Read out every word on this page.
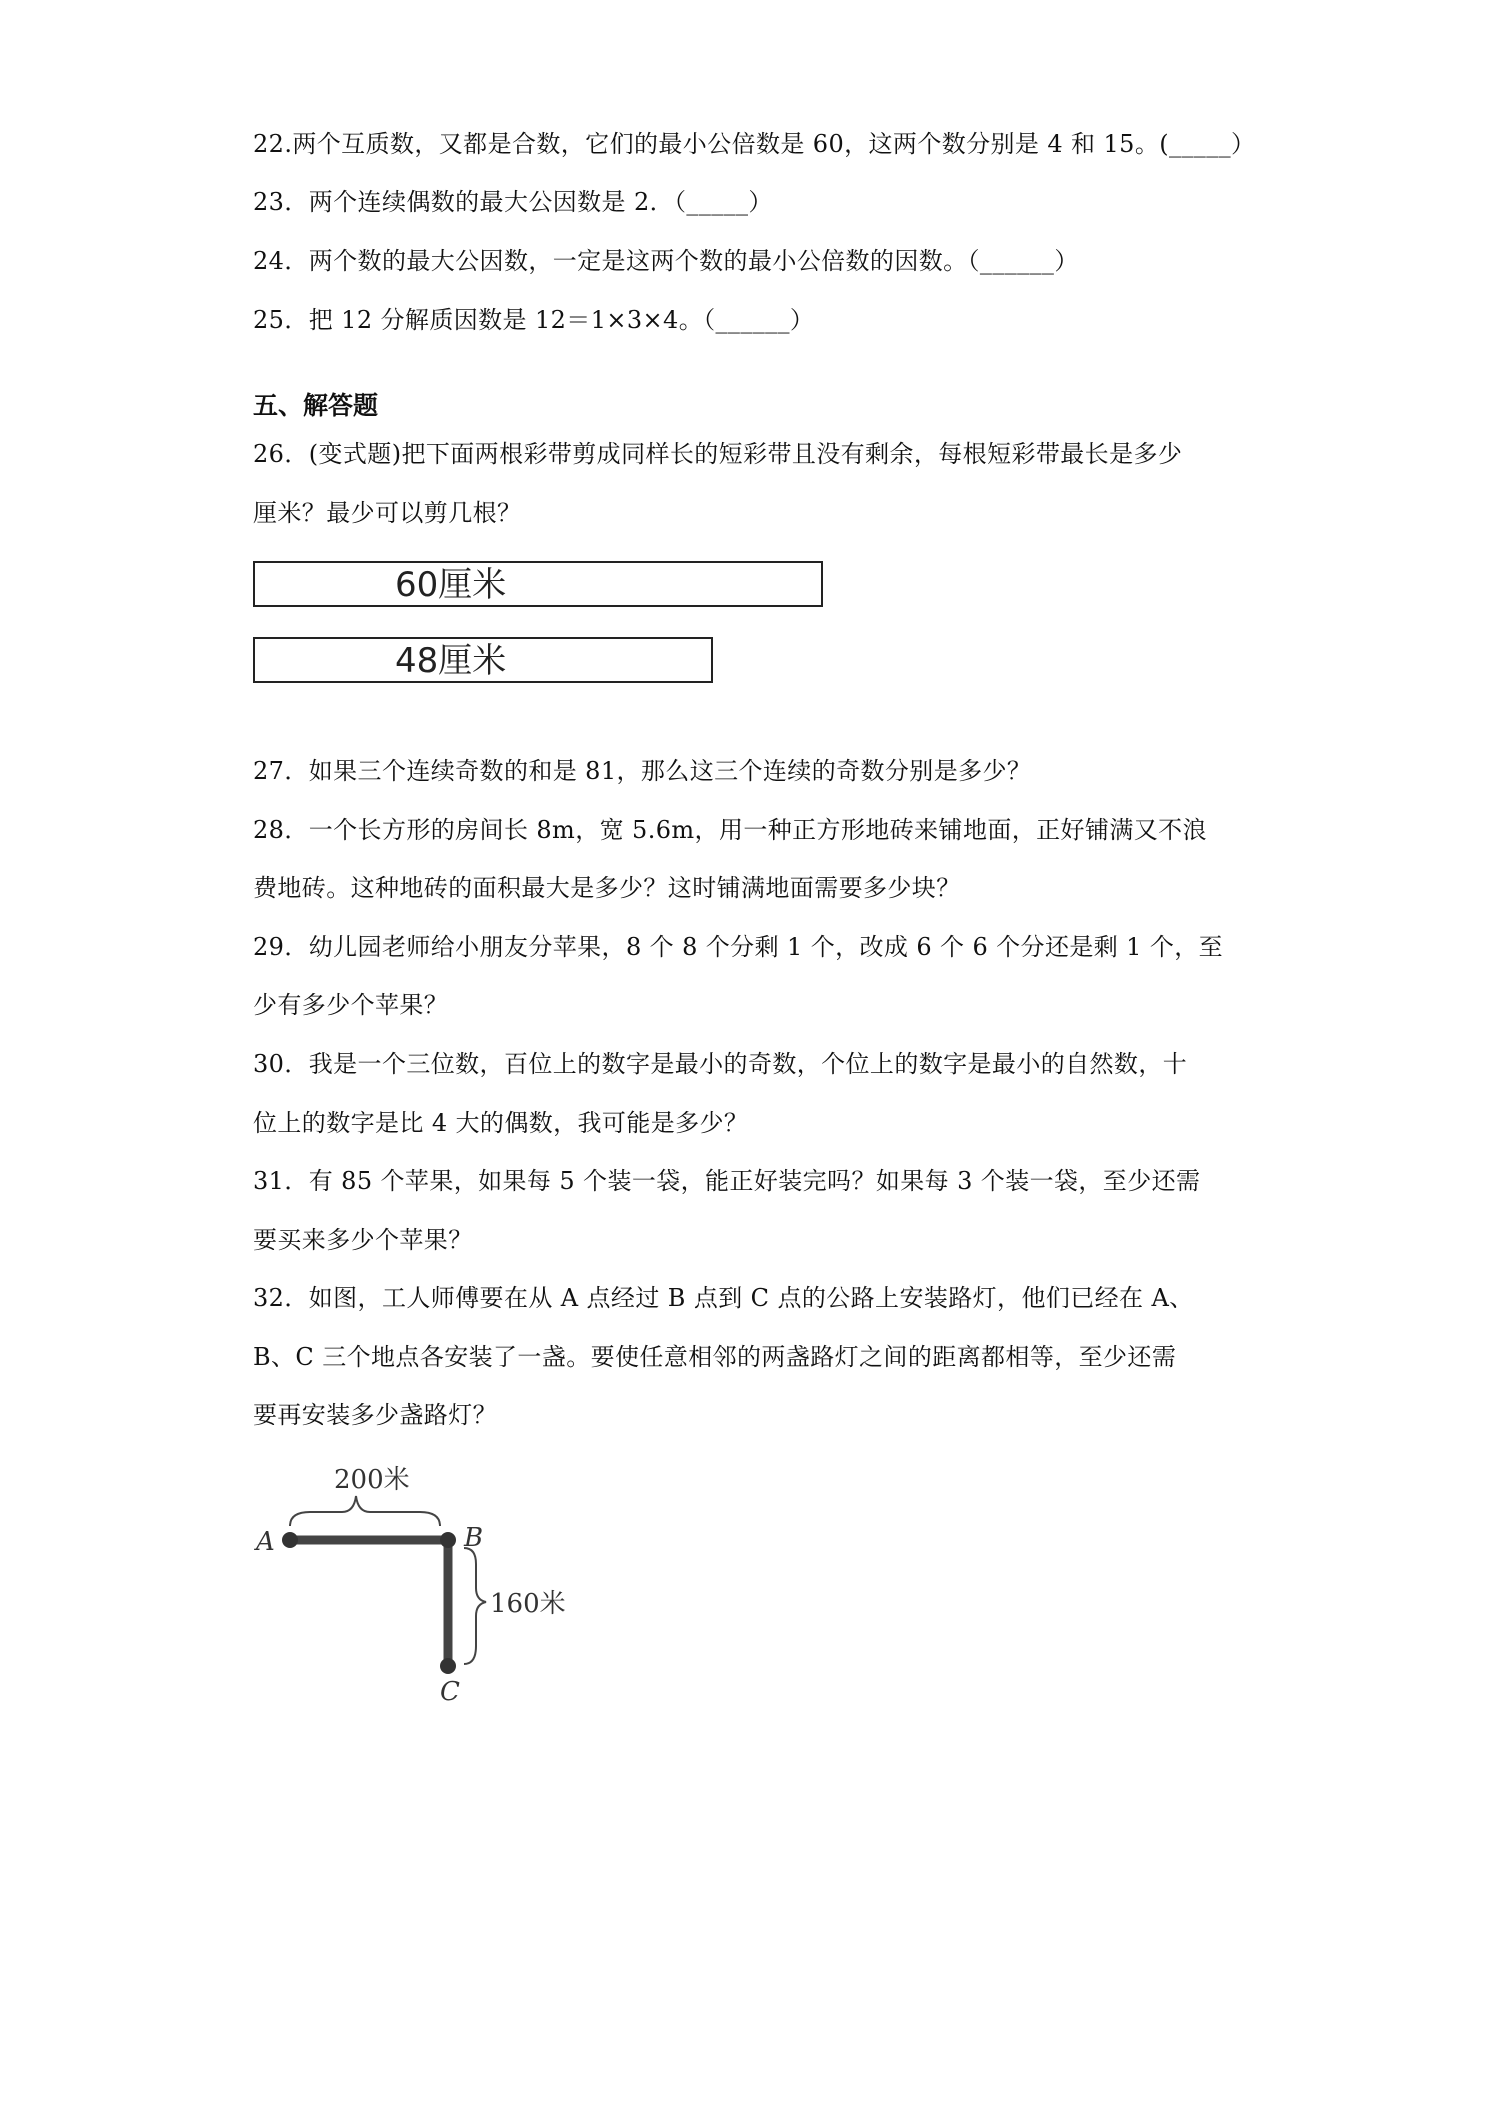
22.两个互质数，又都是合数，它们的最小公倍数是 60，这两个数分别是 4 和 15。(_____）
23．两个连续偶数的最大公因数是 2．（_____）
24．两个数的最大公因数，一定是这两个数的最小公倍数的因数。（______）
25．把 12 分解质因数是 12＝1×3×4。（______）
五、解答题
26．(变式题)把下面两根彩带剪成同样长的短彩带且没有剩余，每根短彩带最长是多少
厘米？最少可以剪几根？
60厘米
48厘米
27．如果三个连续奇数的和是 81，那么这三个连续的奇数分别是多少？
28．一个长方形的房间长 8m，宽 5.6m，用一种正方形地砖来铺地面，正好铺满又不浪
费地砖。这种地砖的面积最大是多少？这时铺满地面需要多少块？
29．幼儿园老师给小朋友分苹果，8 个 8 个分剩 1 个，改成 6 个 6 个分还是剩 1 个，至
少有多少个苹果？
30．我是一个三位数，百位上的数字是最小的奇数，个位上的数字是最小的自然数，十
位上的数字是比 4 大的偶数，我可能是多少？
31．有 85 个苹果，如果每 5 个装一袋，能正好装完吗？如果每 3 个装一袋，至少还需
要买来多少个苹果？
32．如图，工人师傅要在从 A 点经过 B 点到 C 点的公路上安装路灯，他们已经在 A、
B、C 三个地点各安装了一盏。要使任意相邻的两盏路灯之间的距离都相等，至少还需
要再安装多少盏路灯？
200米
A	B
C
160米
